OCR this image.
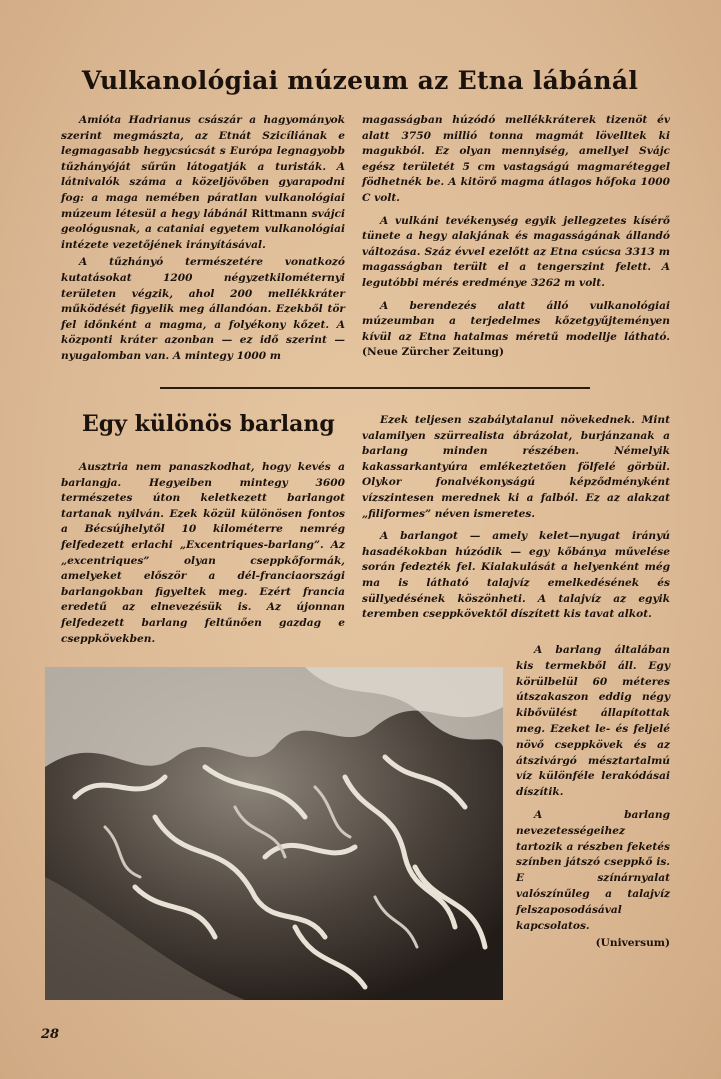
Vulkanológiai múzeum az Etna lábánál

Amióta Hadrianus császár a hagyományok szerint megmászta, az Etnát Szicíliának e legmagasabb hegycsúcsát s Európa legnagyobb tűzhányóját sűrűn látogatják a turisták. A látnivalók száma a közeljövőben gyarapodni fog: a maga nemében páratlan vulkanológiai múzeum létesül a hegy lábánál Rittmann svájci geológusnak, a cataniai egyetem vulkanológiai intézete vezetőjének irányításával.

A tűzhányó természetére vonatkozó kutatásokat 1200 négyzetkilométernyi területen végzik, ahol 200 mellékkráter működését figyelik meg állandóan. Ezekből tör fel időnként a magma, a folyékony kőzet. A központi kráter azonban — ez idő szerint — nyugalomban van. A mintegy 1000 m

magasságban húzódó mellékkráterek tizenöt év alatt 3750 millió tonna magmát lövelltek ki magukból. Ez olyan mennyiség, amellyel Svájc egész területét 5 cm vastagságú magmaréteggel födhetnék be. A kitörő magma átlagos hőfoka 1000 C volt.

A vulkáni tevékenység egyik jellegzetes kísérő tünete a hegy alakjának és magasságának állandó változása. Száz évvel ezelőtt az Etna csúcsa 3313 m magasságban terült el a tengerszint felett. A legutóbbi mérés eredménye 3262 m volt.

A berendezés alatt álló vulkanológiai múzeumban a terjedelmes kőzetgyűjteményen kívül az Etna hatalmas méretű modellje látható. (Neue Zürcher Zeitung)

Egy különös barlang

Ausztria nem panaszkodhat, hogy kevés a barlangja. Hegyeiben mintegy 3600 természetes úton keletkezett barlangot tartanak nyilván. Ezek közül különösen fontos a Bécsújhelytől 10 kilométerre nemrég felfedezett erlachi „Excentriques-barlang”. Az „excentriques” olyan cseppkőformák, amelyeket először a dél-franciaországi barlangokban figyeltek meg. Ezért francia eredetű az elnevezésük is. Az újonnan felfedezett barlang feltűnően gazdag e cseppkövekben.

Ezek teljesen szabálytalanul növekednek. Mint valamilyen szürrealista ábrázolat, burjánzanak a barlang minden részében. Némelyik kakassarkantyúra emlékeztetően fölfelé görbül. Olykor fonalvékonyságú képződményként vízszintesen merednek ki a falból. Ez az alakzat „filiformes” néven ismeretes.

A barlangot — amely kelet—nyugat irányú hasadékokban húzódik — egy kőbánya művelése során fedezték fel. Kialakulását a helyenként még ma is látható talajvíz emelkedésének és süllyedésének köszönheti. A talajvíz az egyik teremben cseppkövektől díszített kis tavat alkot.

A barlang általában kis termekből áll. Egy körülbelül 60 méteres útszakaszon eddig négy kibővülést állapítottak meg. Ezeket le- és feljelé növő cseppkövek és az átszivárgó mésztartalmú víz különféle lerakódásai díszítik.

A barlang nevezetességeihez tartozik a részben feketés színben játszó cseppkő is. E színárnyalat valószínűleg a talajvíz felszaposodásával kapcsolatos.

(Universum)

28
